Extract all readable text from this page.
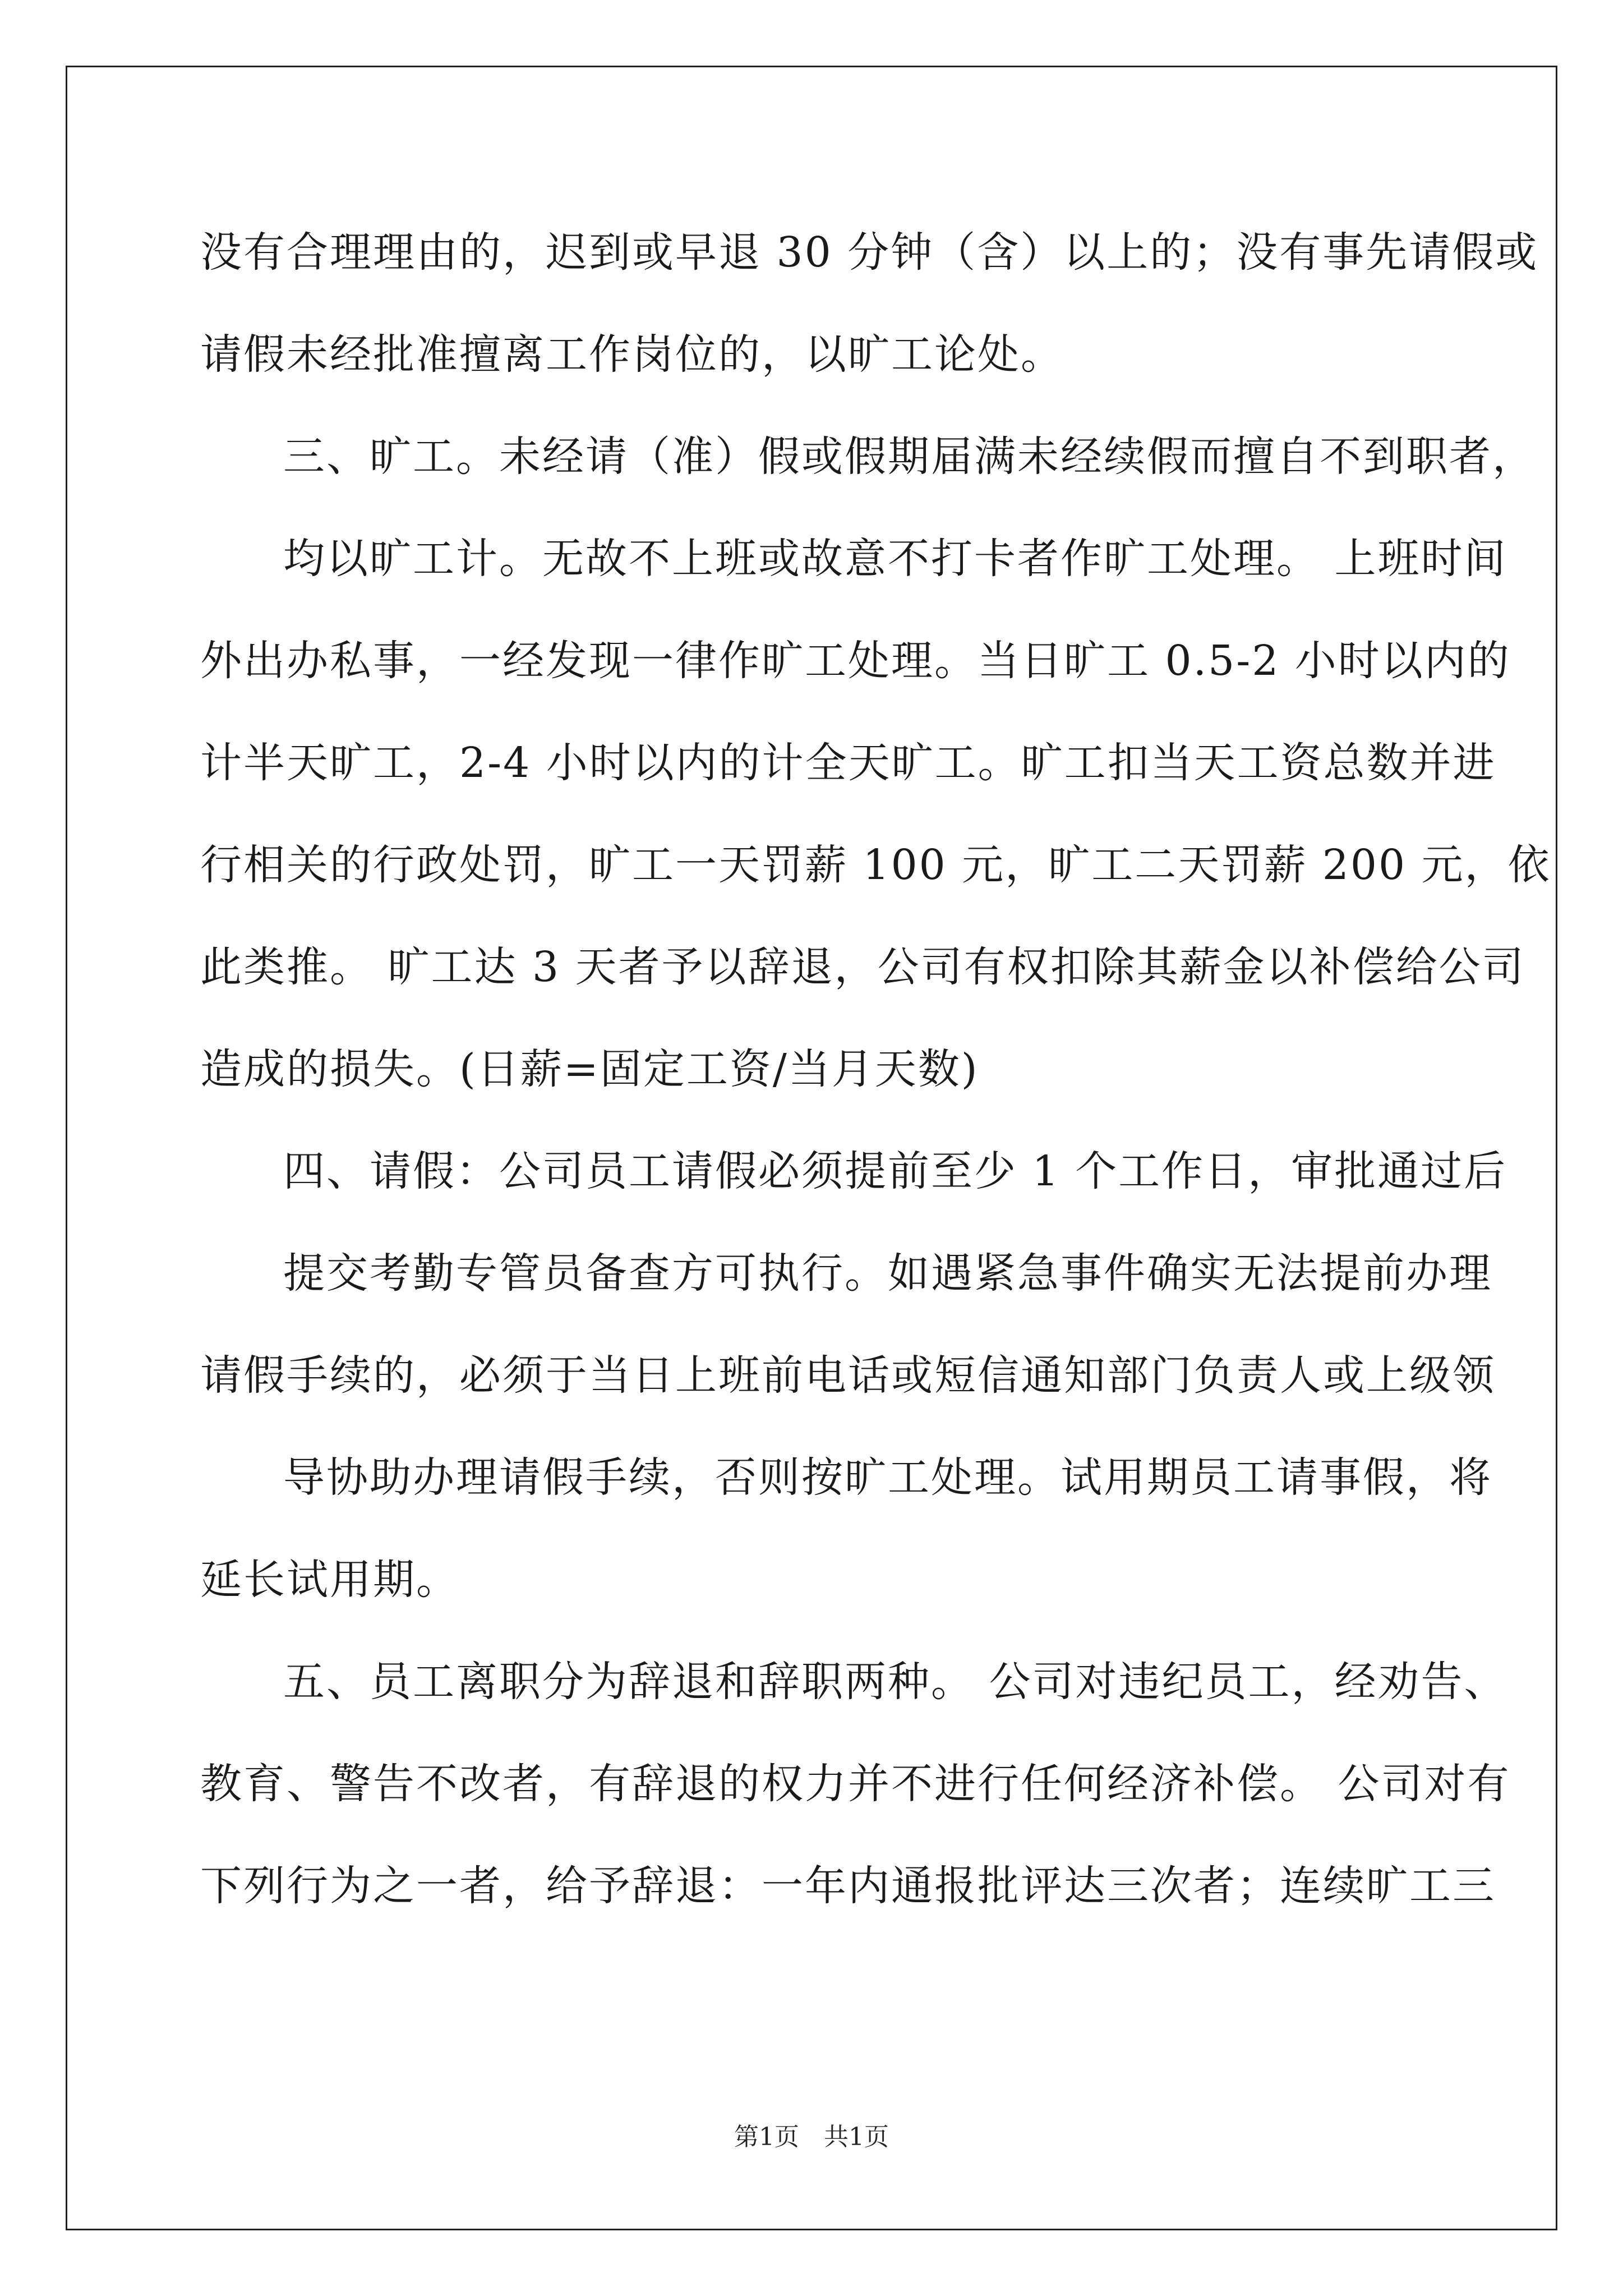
没有合理理由的，迟到或早退 30 分钟（含）以上的；没有事先请假或
请假未经批准擅离工作岗位的，以旷工论处。
三、旷工。未经请（准）假或假期届满未经续假而擅自不到职者，
均以旷工计。无故不上班或故意不打卡者作旷工处理。 上班时间
外出办私事，一经发现一律作旷工处理。当日旷工 0.5-2 小时以内的
计半天旷工，2-4 小时以内的计全天旷工。旷工扣当天工资总数并进
行相关的行政处罚，旷工一天罚薪 100 元，旷工二天罚薪 200 元，依
此类推。 旷工达 3 天者予以辞退，公司有权扣除其薪金以补偿给公司
造成的损失。(日薪=固定工资/当月天数)
四、请假：公司员工请假必须提前至少 1 个工作日，审批通过后
提交考勤专管员备查方可执行。如遇紧急事件确实无法提前办理
请假手续的，必须于当日上班前电话或短信通知部门负责人或上级领
导协助办理请假手续，否则按旷工处理。试用期员工请事假，将
延长试用期。
五、员工离职分为辞退和辞职两种。 公司对违纪员工，经劝告、
教育、警告不改者，有辞退的权力并不进行任何经济补偿。 公司对有
下列行为之一者，给予辞退：一年内通报批评达三次者；连续旷工三
第1页　共1页
